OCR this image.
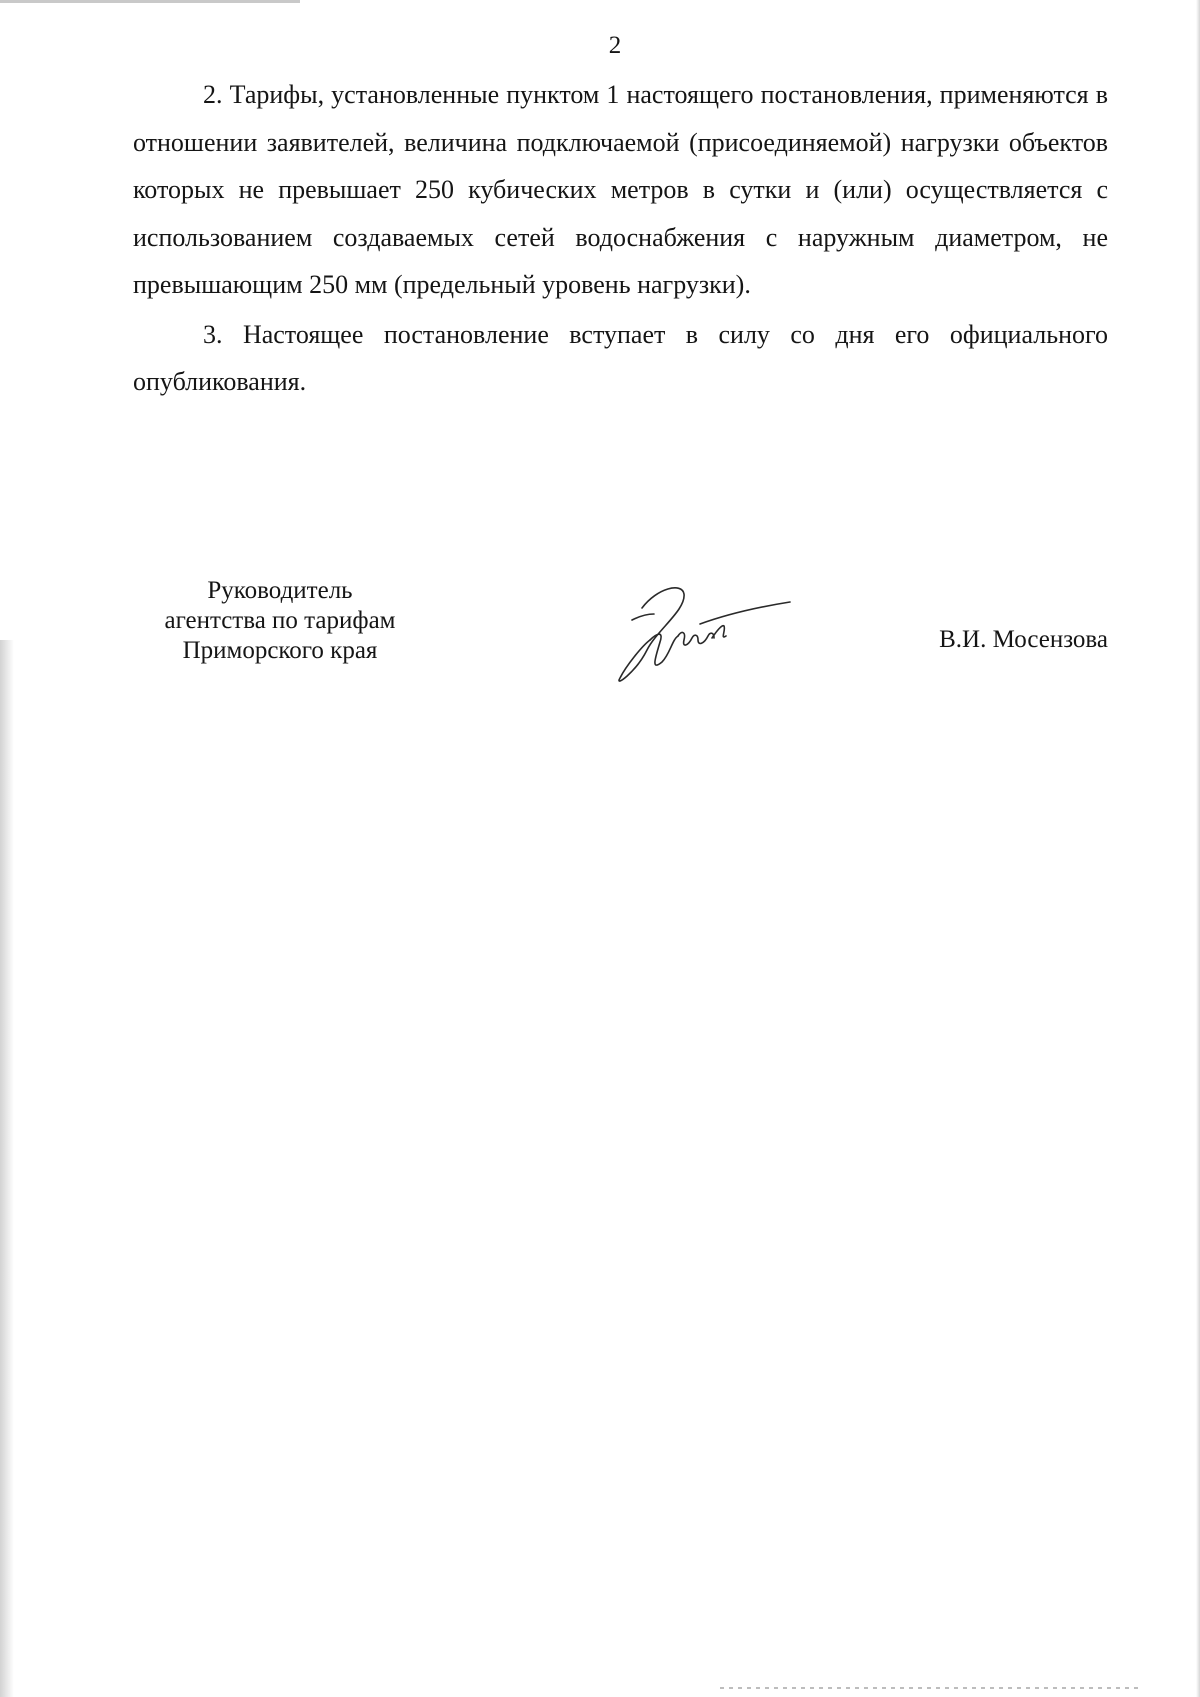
2

2. Тарифы, установленные пунктом 1 настоящего постановления, применяются в отношении заявителей, величина подключаемой (присоединяемой) нагрузки объектов которых не превышает 250 кубических метров в сутки и (или) осуществляется с использованием создаваемых сетей водоснабжения с наружным диаметром, не превышающим 250 мм (предельный уровень нагрузки).

3. Настоящее постановление вступает в силу со дня его официального опубликования.

Руководитель
агентства по тарифам
Приморского края	В.И. Мосензова
